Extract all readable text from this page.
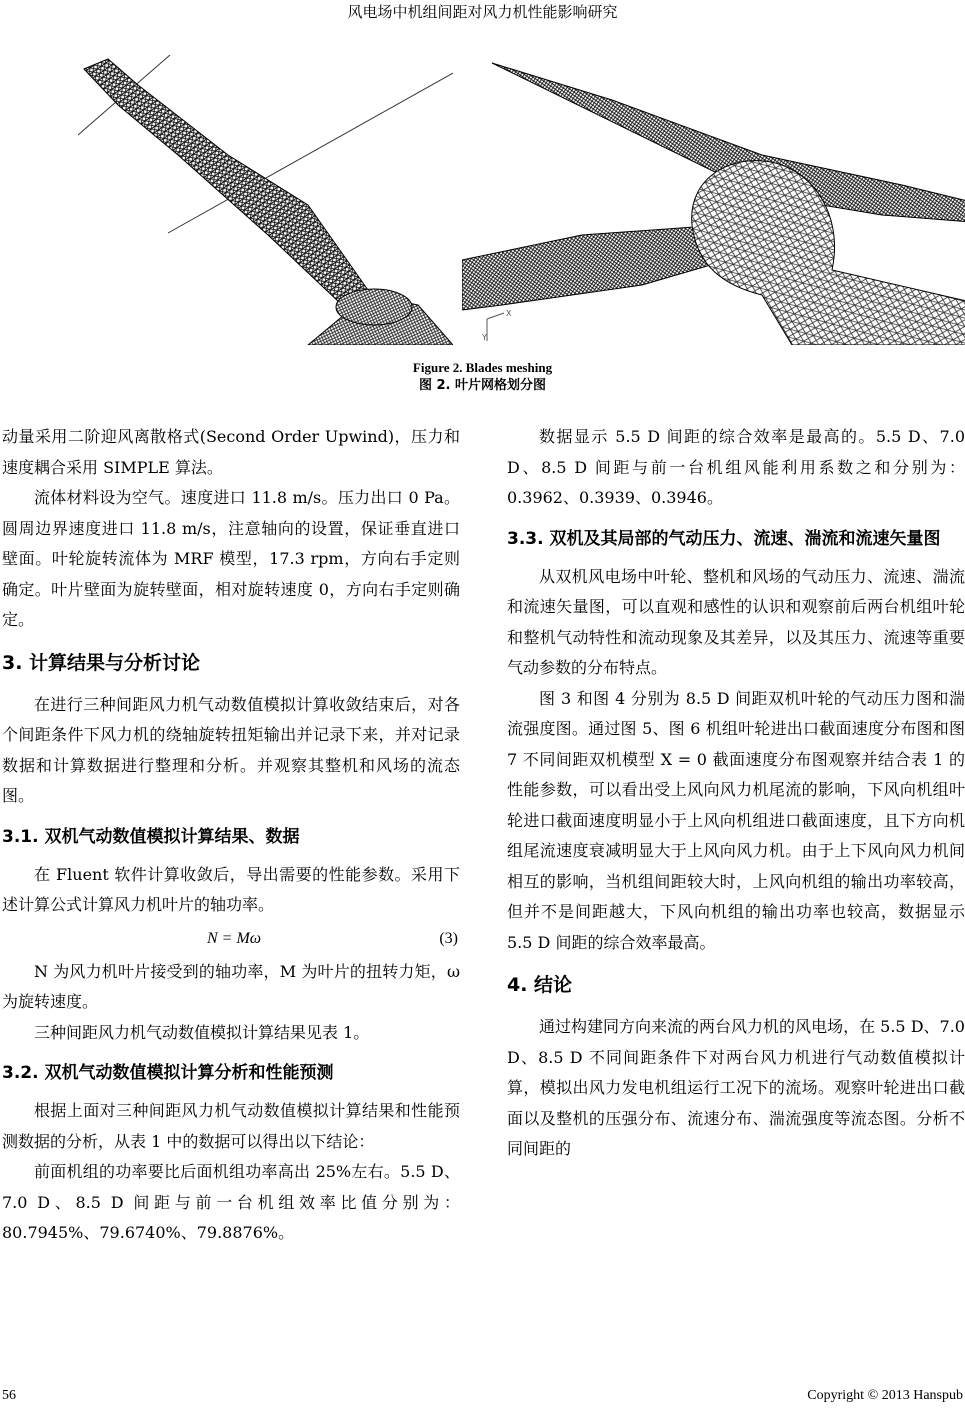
风电场中机组间距对风力机性能影响研究
Y
X
Figure 2. Blades meshing
图 2. 叶片网格划分图

动量采用二阶迎风离散格式(Second Order Upwind)，压力和速度耦合采用 SIMPLE 算法。

流体材料设为空气。速度进口 11.8 m/s。压力出口 0 Pa。圆周边界速度进口 11.8 m/s，注意轴向的设置，保证垂直进口壁面。叶轮旋转流体为 MRF 模型，17.3 rpm，方向右手定则确定。叶片壁面为旋转壁面，相对旋转速度 0，方向右手定则确定。

3. 计算结果与分析讨论

在进行三种间距风力机气动数值模拟计算收敛结束后，对各个间距条件下风力机的绕轴旋转扭矩输出并记录下来，并对记录数据和计算数据进行整理和分析。并观察其整机和风场的流态图。

3.1. 双机气动数值模拟计算结果、数据

在 Fluent 软件计算收敛后，导出需要的性能参数。采用下述计算公式计算风力机叶片的轴功率。

N = Mω	(3)

N 为风力机叶片接受到的轴功率，M 为叶片的扭转力矩，ω 为旋转速度。

三种间距风力机气动数值模拟计算结果见表 1。

3.2. 双机气动数值模拟计算分析和性能预测

根据上面对三种间距风力机气动数值模拟计算结果和性能预测数据的分析，从表 1 中的数据可以得出以下结论：

前面机组的功率要比后面机组功率高出 25%左右。5.5 D、7.0 D、8.5 D 间距与前一台机组效率比值分别为：80.7945%、79.6740%、79.8876%。

数据显示 5.5 D 间距的综合效率是最高的。5.5 D、7.0 D、8.5 D 间距与前一台机组风能利用系数之和分别为：0.3962、0.3939、0.3946。

3.3. 双机及其局部的气动压力、流速、湍流和流速矢量图

从双机风电场中叶轮、整机和风场的气动压力、流速、湍流和流速矢量图，可以直观和感性的认识和观察前后两台机组叶轮和整机气动特性和流动现象及其差异，以及其压力、流速等重要气动参数的分布特点。

图 3 和图 4 分别为 8.5 D 间距双机叶轮的气动压力图和湍流强度图。通过图 5、图 6 机组叶轮进出口截面速度分布图和图 7 不同间距双机模型 X = 0 截面速度分布图观察并结合表 1 的性能参数，可以看出受上风向风力机尾流的影响，下风向机组叶轮进口截面速度明显小于上风向机组进口截面速度，且下方向机组尾流速度衰减明显大于上风向风力机。由于上下风向风力机间相互的影响，当机组间距较大时，上风向机组的输出功率较高，但并不是间距越大，下风向机组的输出功率也较高，数据显示 5.5 D 间距的综合效率最高。

4. 结论

通过构建同方向来流的两台风力机的风电场，在 5.5 D、7.0 D、8.5 D 不同间距条件下对两台风力机进行气动数值模拟计算，模拟出风力发电机组运行工况下的流场。观察叶轮进出口截面以及整机的压强分布、流速分布、湍流强度等流态图。分析不同间距的

56	Copyright © 2013 Hanspub
